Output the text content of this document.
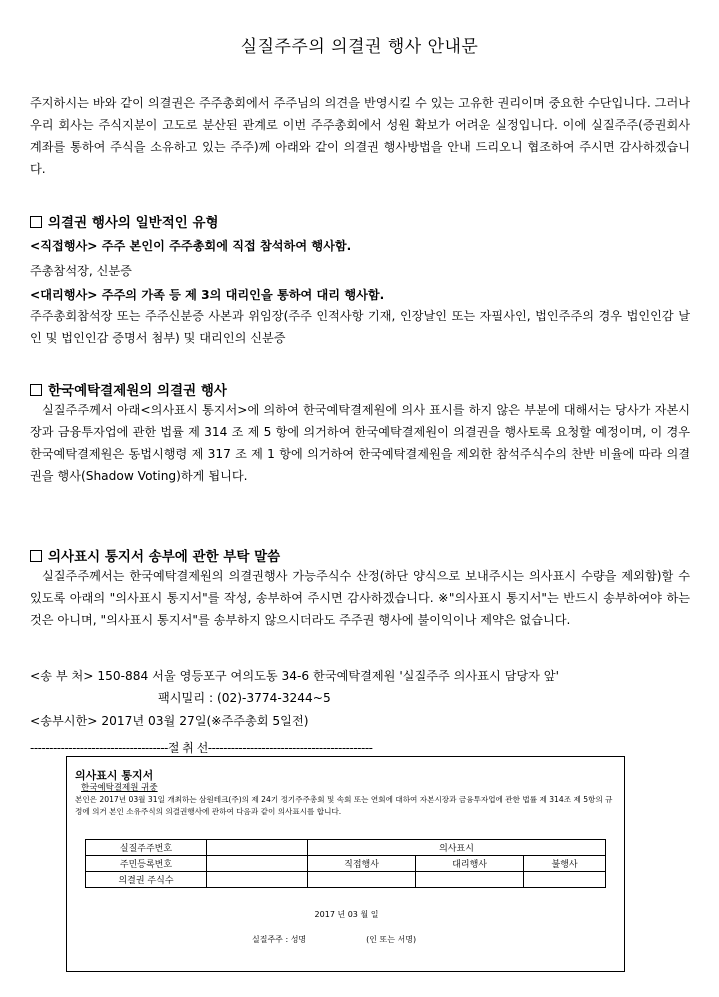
실질주주의 의결권 행사 안내문
주지하시는 바와 같이 의결권은 주주총회에서 주주님의 의견을 반영시킬 수 있는 고유한 권리이며 중요한 수단입니다. 그러나 우리 회사는 주식지분이 고도로 분산된 관계로 이번 주주총회에서 성원 확보가 어려운 실정입니다. 이에 실질주주(증권회사 계좌를 통하여 주식을 소유하고 있는 주주)께 아래와 같이 의결권 행사방법을 안내 드리오니 협조하여 주시면 감사하겠습니다.
의결권 행사의 일반적인 유형
<직접행사> 주주 본인이 주주총회에 직접 참석하여 행사함.
주총참석장, 신분증
<대리행사> 주주의 가족 등 제 3의 대리인을 통하여 대리 행사함.
주주총회참석장 또는 주주신분증 사본과 위임장(주주 인적사항 기재, 인장날인 또는 자필사인, 법인주주의 경우 법인인감 날인 및 법인인감 증명서 첨부) 및 대리인의 신분증
한국예탁결제원의 의결권 행사
실질주주께서 아래<의사표시 통지서>에 의하여 한국예탁결제원에 의사 표시를 하지 않은 부분에 대해서는 당사가 자본시장과 금융투자업에 관한 법률 제 314 조 제 5 항에 의거하여 한국예탁결제원이 의결권을 행사토록 요청할 예정이며, 이 경우 한국예탁결제원은 동법시행령 제 317 조 제 1 항에 의거하여 한국예탁결제원을 제외한 참석주식수의 찬반 비율에 따라 의결권을 행사(Shadow Voting)하게 됩니다.
의사표시 통지서 송부에 관한 부탁 말씀
실질주주께서는 한국예탁결제원의 의결권행사 가능주식수 산정(하단 양식으로 보내주시는 의사표시 수량을 제외함)할 수 있도록 아래의 "의사표시 통지서"를 작성, 송부하여 주시면 감사하겠습니다. ※"의사표시 통지서"는 반드시 송부하여야 하는 것은 아니며, "의사표시 통지서"를 송부하지 않으시더라도 주주권 행사에 불이익이나 제약은 없습니다.
<송 부 처> 150-884 서울 영등포구 여의도동 34-6 한국예탁결제원 '실질주주 의사표시 담당자 앞'
팩시밀리 : (02)-3774-3244~5
<송부시한> 2017년 03월 27일(※주주총회 5일전)
------------------------------------절 취 선-------------------------------------------
의사표시 통지서
한국예탁결제원 귀중
본인은 2017년 03월 31일 개최하는 삼원테크(주)의 제 24기 정기주주총회 및 속회 또는 연회에 대하여 자본시장과 금융투자업에 관한 법률 제 314조 제 5항의 규정에 의거 본인 소유주식의 의결권행사에 관하여 다음과 같이 의사표시를 합니다.
실질주주번호		의사표시		
주민등록번호		직접행사	대리행사	불행사
의결권 주식수				
2017 년 03 월 일
실질주주 : 성명	(인 또는 서명)
